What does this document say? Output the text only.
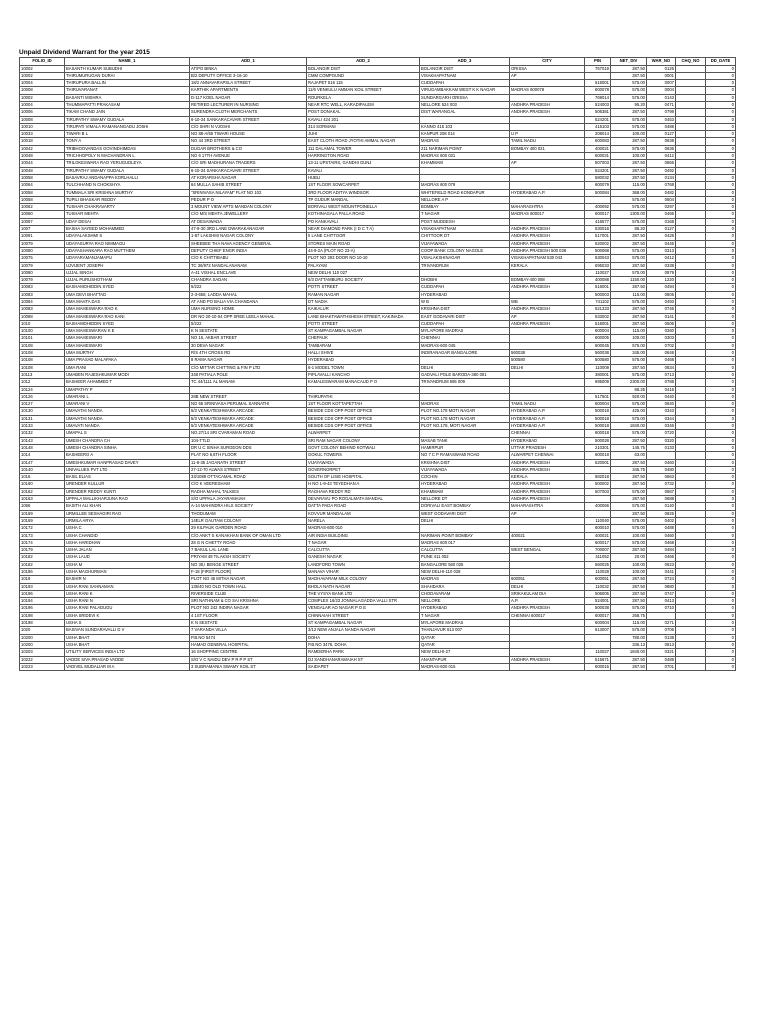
Unpaid Dividend Warrant for the year 2015
FOLIO_ID	NAME_1	ADD_1	ADD_2	ADD_3	CITY	PIN	NET_DIV	WAR_NO	CHQ_NO	DD_DATE
10002	BASANTH KUMAR SUBUDHI	AT/PO BINKA	BOLANGIR DIST	BOLANGIR DIST	ORISSA	767019	287.50	0125		0
10002	THIRUMURUGAN DURAI	B/2 DEPUTY OFFICE 3-16-10	CMM COMPOUND	VISAKHAPATNAM	AP		287.50	0001		0
10004	THIRUPURA BALLIN	18/2 ANNAVARAPSLA STREET	RAJAPET 516 115	CUDDAPAH		516001	575.00	0007		0
10008	THIRUVARANAT	KARTHIK APARTMENTS	11/6 VENKULU AMMAN KOIL STREET	VIRUGAMBAKKAM WEST K K NAGAR	MADRAS 600078	600078	575.00	0004		0
10002	BASANTI MISHRA	D-117 KOEL NAGAR	ROURKELA	SUNDARGARH ORISSA		769014	575.00	0143		0
10004	THUMMAPATTI PRAKASAM	RETIRED LECTURER IN NURSING	NEAR RTC WELL, KARADIPALEM	NELLORE 524 003	ANDHRA PRADESH	524003	95.20	0471		0
10006	TIKAM CHAND JAIN	SURENDRA CLOTH MERCHANTS	POST DONAKAL	DIST WARANGAL	ANDHRA PRADESH	506381	287.50	0798		0
10008	TIRUPATHY SWAMY GUDALA	6-10-34 SANKARACAVARI STREET	KAVALI 424 201			524201	575.00	0453		0
10010	TIRUPATI VIMALA RAMANANGADU JOSHI	C/O SHRI N VJOSHI	314 SORMANI	KANNO 415 103		415103	575.00	0488		0
10033	TIWARI B L	NO 88-A/65 TIWARI HOUSE	JUHI	KANPUR 208 014	U P	208014	100.00	0127		0
10018	TONY A	NO 44 3RD STREET	EAST CLOTH ROAD JYOTHI AMMAL NAGAR	MADRAS	TAMIL NADU	600083	287.50	0638		0
10042	TRIBHOOVANDAS GOVINDHIMDAS	DUGAR BROTHERS & CO	111 DALAMAL TOWER	211 NARIMAN POINT	BOMBAY 400 021	400021	575.00	0636		0
10048	TRICHHOPOLY N MACHANDRAN L	NO 6 17TH AVENUE	HARRINGTON ROAD	MADRAS 600 031		600031	100.00	0412		0
10044	TRILOKESWARA RAO YERUGUDLEYA	C/O SRI MADHURANA TRADERS	13-11 UPSTAIRS, GANDHI GUNJ	KHAMMAM	AP	507003	287.50	0866		0
10048	TIRUPATHY SWAMY GUDALA	6-10-34 SANKARACAVARI STREET	KAVALI			524201	287.50	0492		0
10058	BASAVRAJ ANDANAPPA KORLHALLI	AT KORARSHA NAGAR	HUBLI			580032	287.50	0134		0
10064	TULCHHAND N CHOKSHYA	64 MULLA SAHIB STREET	1ST FLOOR SOWCARPET	MADRAS 600 079		600079	115.00	0768		0
10058	TUMMALA SRI KRISHNA MURTHY	"SRINIVASA NILAYAM" FLAT NO 102	3RD FLOOR ADITYA WINDSOR	WHITEFIELD ROAD KONDAPUR	HYDERABAD A.P.	500084	368.00	0482		0
10058	TUPILI BHASKAR REDDY	PEDUR P O	TP GUDUR MANDAL	NELLORE A P			575.00	0604		0
10062	TUSHAR CHAKRAVARTY	3 MOUNT VIEW APTS MANDAN COLONY	BORIVALI WEST MOUNTPOINELLA	BOMBAY	MAHARASHTRA	400092	575.00	0297		0
10060	TUSHAR MEHTA	C/O M/S MEHTA JEWELLERY	KOTHINAGALA PALLA ROAD	T NAGAR	MADRAS 600017	600017	1300.00	0466		0
10067	UDAY DESAI	AT DESAIWADA	PO KANKAVALI	POST MUDDESH		416577	575.00	0168		0
1007	BASHA SAYEED MOHAMMED	47-9-30 3RD LANE DWARAKANAGAR	NEAR DIAMOND PARK (I D C T A)	VISAKHAPATNAM	ANDHRA PRADESH	530016	86.20	0127		0
10091	UDAYALAKSHMI S	1-87 LAKSHMI NAGAR COLONY	II LANE CHITTOOR	CHITTOOR DT	ANDHRA PRADESH	517001	287.50	0428		0
10079	UDAYASURYA RAO NIMMAGU	SHEEBEE THA NAVA AGENCY GENERAL	STORES MAIN ROAD	VIJAYAWADA	ANDHRA PRADESH	520002	287.50	0446		0
10080	UDAYASHANKARA RAO MUTTHEM	DEPUTY CHIEF ENGR INDIA	44-9-2A (PLOT NO 23-A)	COOP BANK COLONY NAGOLE	ANDHRA PRADESH 500 036	500068	575.00	0313		0
10075	UDAYARAMANJAMAPU	C/O K CHITTIBABU	PLOT NO 293 DOOR NO 10-10	VISALAKSHINAGAR	VISAKHAPATNAM 530 043	530043	575.00	0412		0
10079	UJVIJENT JOSEPH	TC 36/973 NANDALANANAM	PALAYAM	TRIVANDRUM	KERALA	695033	287.50	0338		0
10080	UJJAL SINGH	A-41 VISHAL ENCLAVE	NEW DELHI 110 027			110027	575.00	0879		0
10079	UJJAL PURUSHOTHAM	CHANDRA SADAN	6/3 DATTAMBURU SOCIETY	DHOBHI	BOMBAY-400 088	400088	1150.00	1220		0
10083	BASHAMOHIDDIN SYED	5/222	POTTI STREET	CUDDAPAH	ANDHRA PRADESH	516001	287.50	0494		0
10083	UMA DEVI BHATTAD	2-3-658, LADDA MAHAL	RAMAN NAGAR	HYDERABAD		500003	115.00	0805		0
10084	UMA MAHTA DAS	AT AND PO BALIA VIA CHANDANA	DT NADIA	W B	WB	741102	575.00	0493		0
10083	UMA MAHESWARA RAO K	UMA NURSING HOME	KAIKALUR	KRISHNA DIST	ANDHRA PRADESH	521333	287.50	0746		0
10088	UMA MAHESWARA RAO KANI	DR NO 20-10-04 OPP SREE LEELA MAHAL	LANE BHAKTAWATHSHESH STREET, KAKINADA	EAST GODAVARI DIST	AP	533002	287.50	0141		0
1010	BASHAMOHIDDIN SYED	5/222	POTTI STREET	CUDDAPAH	ANDHRA PRADESH	516001	287.50	0506		0
10100	UMA MAHESWARAN K E	K N SESTATE	ST KAMPAGAMBAL NAGAR	MYLAPORE MADRAS		600004	115.00	0260		0
10101	UMA MAHESWARI	NO 16, AKBAR STREET	CHEPAUK	CHENNAI		600005	100.00	0303		0
10108	UMA MAHESWARI	30 DEVA NAGAR	TAMBARAM	MADRAS-600 045		600045	575.00	0702		0
10108	UMA MURTHY	R/S 4TH CROSS RD	HALLI SHIVE	INDIRANAGAR BANGALORE	560038	560038	345.00	0648		0
10108	UMA PRASAD MALAPAKA	8 RAMA NAGAR	HYDERABAD		500580	500580	575.00	0468		0
10108	UMA RANI	C/O MITTAR CHITTING & FIN P LTD	6-1 MODEL TOWN	DELHI	DELHI	110009	287.50	0834		0
10113	UMABEN RAJESHKUMAR MODI	348 PATIALA POLE	PIPLAVALLI KANCHO	GADVALI POLE BARODA-380 001		380001	575.00	0713		0
1012	BASHEER AHAMMED T	TC 44/1111 AL MANAM	KAMALESWARAM MANACAUD P O	TRIVANDRUM 695 009		695009	2300.00	0788		0
10124	UMAPATHY P						86.25	0416		0
10126	UMARANI L	28B NEW STREET	THIRUPATHI			517501	920.00	0440		0
10127	UMARANI V	NO 55 SRINIVASA PERUMAL SANNATHI	1ST FLOOR KOTTAPETTAH	MADRAS	TAMIL NADU	600004	575.00	0640		0
10130	UMAVATHI NANDA	5/3 VENKATESHWARA ARCADE	BESIDE CDS OPP POST OFFICE	PLOT NO.178 MOTI NAGAR	HYDERABAD A.P.	500018	425.00	0343		0
10131	UMAVATHI NANDA	5/3 VENKATESHWARA ARCADE	BESIDE CDS OPP POST OFFICE	PLOT NO.178 MOTI NAGAR	HYDERABAD A.P.	500018	575.00	0344		0
10133	UMAVATI NANDA	5/3 VENKATESHWARA ARCADE	BESIDE CDS OPP POST OFFICE	PLOT NO.178, MOTI NAGAR	HYDERABAD A.P.	500018	1840.00	0346		0
10132	UMAPAL S	NO.27/14 SRI CVARAMAN ROAD	ALWARPET		CHENNAI	600018	575.00	0720		0
10143	UMESH CHANDRA CH	104-TTLD	SRI RAM NAGAR COLONY	MASAB TANK	HYDERABAD	500028	287.50	0320		0
10148	UMESH CHANDRA SINHA	DR U C SINHA SURGEON DDS	GOVT COLONY BEHIND KOTWALI	HAMIRPUR	UTTAR PRADESH	210301	145.75	0133		0
1014	BASHEERO A	PLAT NO 6,6TH FLOOR	GOKUL TOWERS	NO 7 C P RAMASWAMI ROAD	ALWARPET CHENNAI	600018	63.00			0
10147	UMESHKUMAR HANPRASAD DAVEY	11-8-36 JAGANATH STREET	VIJAYAWADA	KRISHNA DIST	ANDHRA PRADESH	520001	287.50	0460		0
10140	UNIVALUES PVT LTD	27-12-70 ALWAS STREET	GOVERNORPET	VIJAYAWADA	ANDHRA PRADESH		345.75	0480		0
1016	BASIL ELIAS	33/1089 OTTACAMAL ROAD	SOUTH OF LISIE HOSPITAL	COCHIN	KERALA	682018	287.50	0663		0
10160	URENDER KULLUR	C/O K VEERESHAM	H NO 1-9-43 TEYEDHAN A	HYDERABAD	ANDHRA PRADESH	500002	287.50	0732		0
10162	URENDER REDDY KUNTI	RADHA MAHAL TALKIES	RAGHAVA REDDY RD	KHAMMAM	ANDHRA PRADESH	507003	575.00	0667		0
10163	UPPALA MALLIKHARJUNA RAO	S/O UPPALA JAYARAMAIAH	DEVARAVU PO ROGALMATA MANDAL	NELLORE DT	ANDHRA PRADESH		287.50	0688		0
1066	BASITH ALI KHAN	A-14 MAHINDRA HILS SOCIETY	DATTA PADA ROAD	DORIVALI EAST BOMBAY	MAHARASHTRA	400066	575.00	0140		0
10169	URMILLEE SESHAGIRI RAO	THODUMAM	KOVVUR MANDALAM	WEST GODAVARI DIST	AP		287.50	0826		0
10169	URMILA ARYA	14ELR GAUTAM COLONY	NARELA	DELHI		110040	575.00	0402		0
10172	USHA C	29 KILPAUK GARDEN ROAD	MADRAS-600 010			600010	575.00	0488		0
10173	USHA CHANDID	C/O ANKT S KANAKHAN BANK OF OMAN LTD	AIR INDIA BUILDING	NARIMAN POINT BOMBAY	400021	400021	100.00	0460		0
10174	USHA HARIDHAN	28 G N CHETTY ROAD	T NAGAR	MADRAS 600 017		600017	575.00	0468		0
10179	USHA JALAN	7 BAKUL LAL LANE	CALCUTTA	CALCUTTA	WEST BENGAL	700007	287.50	0484		0
10182	USHA LAUD	PRIYAM 48 TILAKSH SOCIETY	GANESH NAGAR	PUNE 411 052		411052	20.00	0466		0
10182	USHA M	NO 38,I BENGE STREET	LANDFORD TOWN	BANGALORE 560 025		560025	100.00	0623		0
10186	USHA MAGHURMAN	F-18 (FIRST FLOOR)	MANAVA VIHAR	NEW DELHI-110 028		110028	100.00	0441		0
1019	BASHIR N	PLOT NO 46 MITHA NAGAR	MADHAVARAM MILK COLONY	MADRAS	600051	600051	287.50	0724		0
10193	USHA RANI SAHNAMAN	135/40 NO OLD TOWN HALL	BHOLA NATH NAGAR	SHAHDARA	DELHI	110032	287.50	0880		0
10196	USHA RANI K	RIVERSIDE CLUB	THE VYSYA BANK LTD	CHODAVARAM	SRIKAKULAM DIA	506005	287.50	0747		0
10194	USHA RANI N	SRI NATHNAM & CO SAI KRISHNA	COMPLEX 16/23 JONNALAGADDA VALLI STR	NELLORE	A.P.	524001	287.50	0413		0
10196	USHA RANI PALADUGU	PLOT NO 242 INDIRA NAGAR	VENGALAR AO NAGAR P O E	HYDERABAD	ANDHRA PRADESH	500038	575.00	0710		0
10198	USHA SRIDEVI K	4 1ST FLOOR	CHINNAIAH STREET	T NAGAR	CHENNAI 600017	600017	268.75			0
10198	USHA S	K N SESTATE	ST KAMPAGAMBAL NAGAR	MYLAPORE MADRAS		600004	115.00	0271		0
1020	BASIVAN SUNDARAVALLI D V	7 VARANDA VILLA	3/12 NEW ANJALA NANDA NAGAR	THANJAVUR 613 007		613007	575.00	0706		0
10200	USHA BHAT	P.B.NO 5474	DOHA	QATAR			780.00	0138		0
10200	USHA BHAT	HAMAD GENERAL HOSPITAL	P.B.NO 3476, DOHA	QATAR			336.13	0813		0
10203	UTILITY SERVICES INDIA LTD	16 SHOPPING CENTRE	RAMDERHA PARK	NEW DELHI-27		110027	1840.00	0321		0
10222	VADDE SIVA PRASAD VADDE	S/O V C NAIDU DEV P R P P ST	DJ SANDHANARAMAIAH ST	ANANTAPUR	ANDHRA PRADESH	515671	287.50	0489		0
10223	VADIVEL MUDALIAR M A	3 SUBRAMANIA SWAMY KOIL ST	SAIDAPET	MADRAS-600 015		600015	287.50	0701		0
